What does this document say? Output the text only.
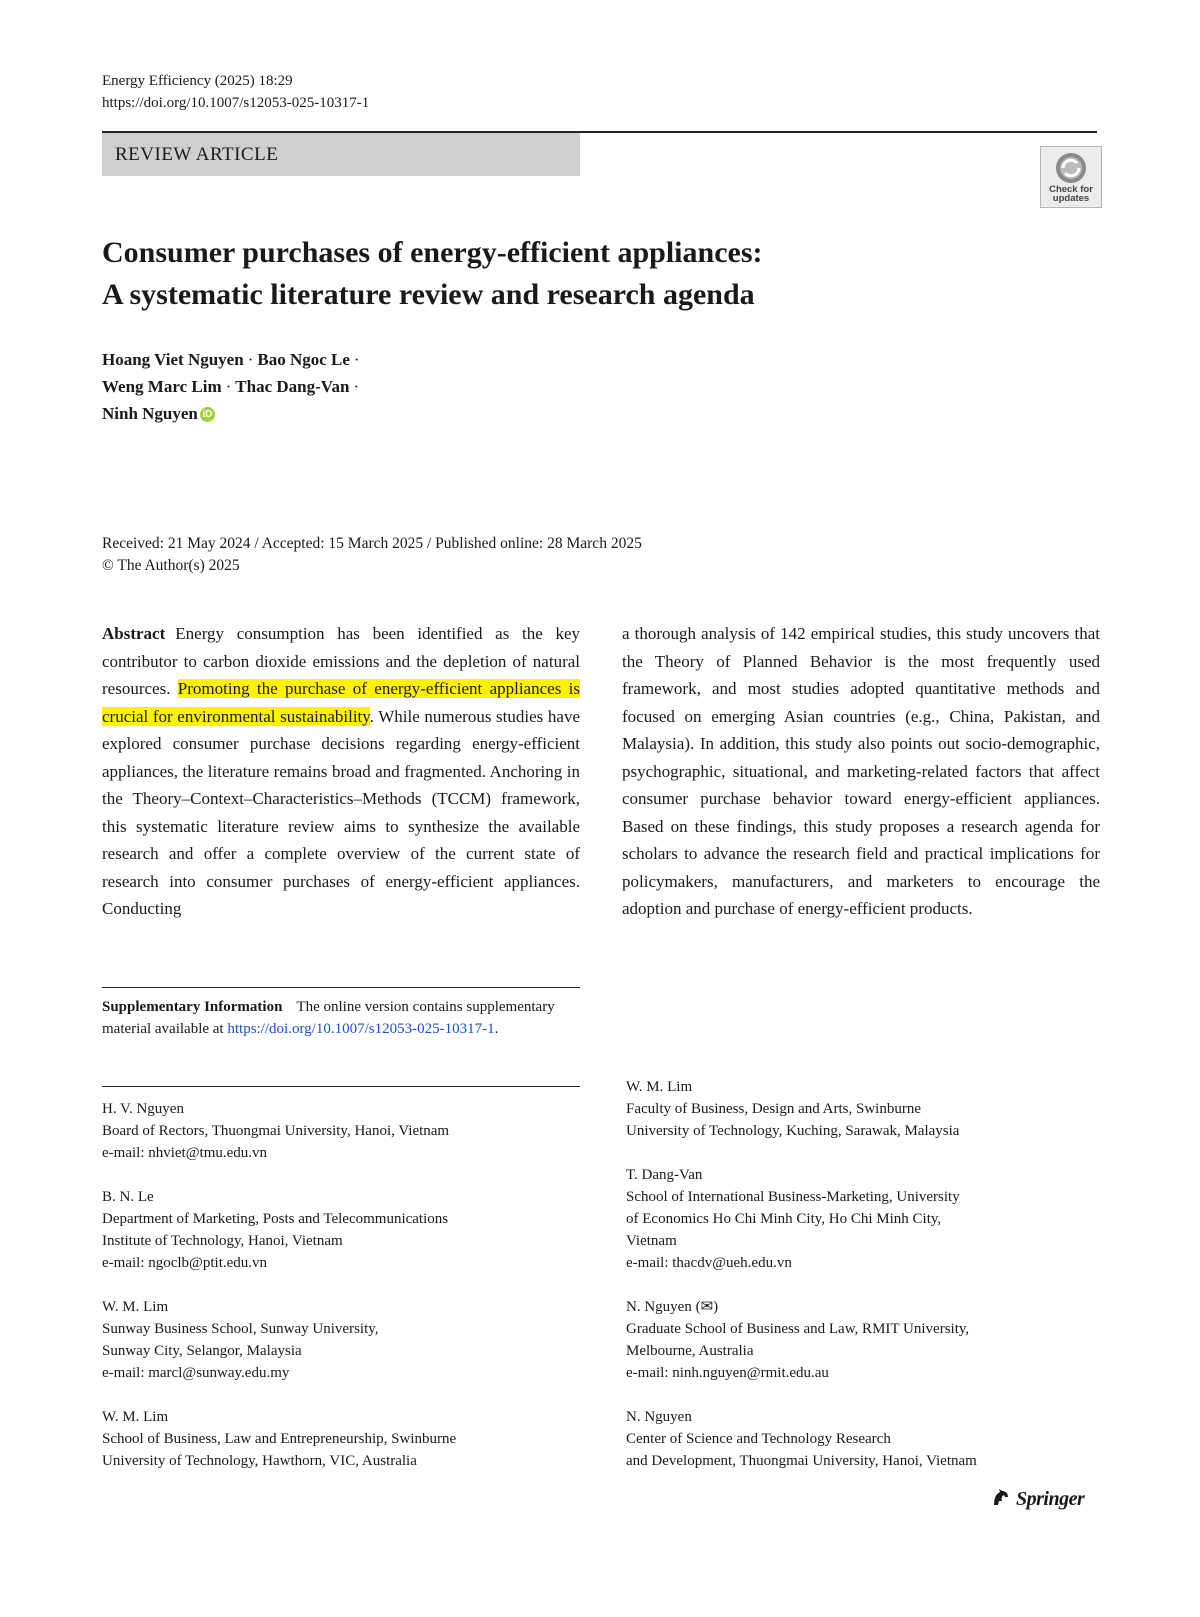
Energy Efficiency (2025) 18:29
https://doi.org/10.1007/s12053-025-10317-1
REVIEW ARTICLE
Check for updates
Consumer purchases of energy-efficient appliances:
A systematic literature review and research agenda
Hoang Viet Nguyen · Bao Ngoc Le ·
Weng Marc Lim · Thac Dang-Van ·
Ninh Nguyen iD
Received: 21 May 2024 / Accepted: 15 March 2025 / Published online: 28 March 2025
© The Author(s) 2025
Abstract Energy consumption has been identified as the key contributor to carbon dioxide emissions and the depletion of natural resources. Promoting the purchase of energy-efficient appliances is crucial for environmental sustainability. While numerous studies have explored consumer purchase decisions regarding energy-efficient appliances, the literature remains broad and fragmented. Anchoring in the Theory–Context–Characteristics–Methods (TCCM) framework, this systematic literature review aims to synthesize the available research and offer a complete overview of the current state of research into consumer purchases of energy-efficient appliances. Conducting
a thorough analysis of 142 empirical studies, this study uncovers that the Theory of Planned Behavior is the most frequently used framework, and most studies adopted quantitative methods and focused on emerging Asian countries (e.g., China, Pakistan, and Malaysia). In addition, this study also points out socio-demographic, psychographic, situational, and marketing-related factors that affect consumer purchase behavior toward energy-efficient appliances. Based on these findings, this study proposes a research agenda for scholars to advance the research field and practical implications for policymakers, manufacturers, and marketers to encourage the adoption and purchase of energy-efficient products.
Supplementary Information The online version contains supplementary material available at https://doi.org/10.1007/s12053-025-10317-1.
H. V. Nguyen
Board of Rectors, Thuongmai University, Hanoi, Vietnam
e-mail: nhviet@tmu.edu.vn
B. N. Le
Department of Marketing, Posts and Telecommunications
Institute of Technology, Hanoi, Vietnam
e-mail: ngoclb@ptit.edu.vn
W. M. Lim
Sunway Business School, Sunway University,
Sunway City, Selangor, Malaysia
e-mail: marcl@sunway.edu.my
W. M. Lim
School of Business, Law and Entrepreneurship, Swinburne
University of Technology, Hawthorn, VIC, Australia
W. M. Lim
Faculty of Business, Design and Arts, Swinburne
University of Technology, Kuching, Sarawak, Malaysia
T. Dang-Van
School of International Business-Marketing, University
of Economics Ho Chi Minh City, Ho Chi Minh City,
Vietnam
e-mail: thacdv@ueh.edu.vn
N. Nguyen (✉)
Graduate School of Business and Law, RMIT University,
Melbourne, Australia
e-mail: ninh.nguyen@rmit.edu.au
N. Nguyen
Center of Science and Technology Research
and Development, Thuongmai University, Hanoi, Vietnam
Springer
